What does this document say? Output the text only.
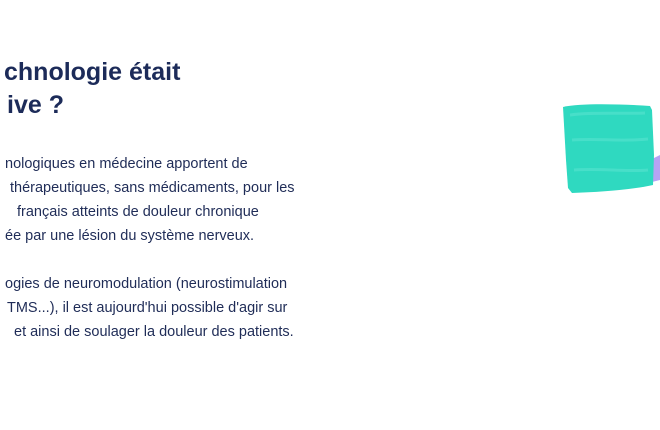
chnologie était
ive ?

nologiques en médecine apportent de
thérapeutiques, sans médicaments, pour les
français atteints de douleur chronique
ée par une lésion du système nerveux.

ogies de neuromodulation (neurostimulation
TMS...), il est aujourd'hui possible d'agir sur
et ainsi de soulager la douleur des patients.
